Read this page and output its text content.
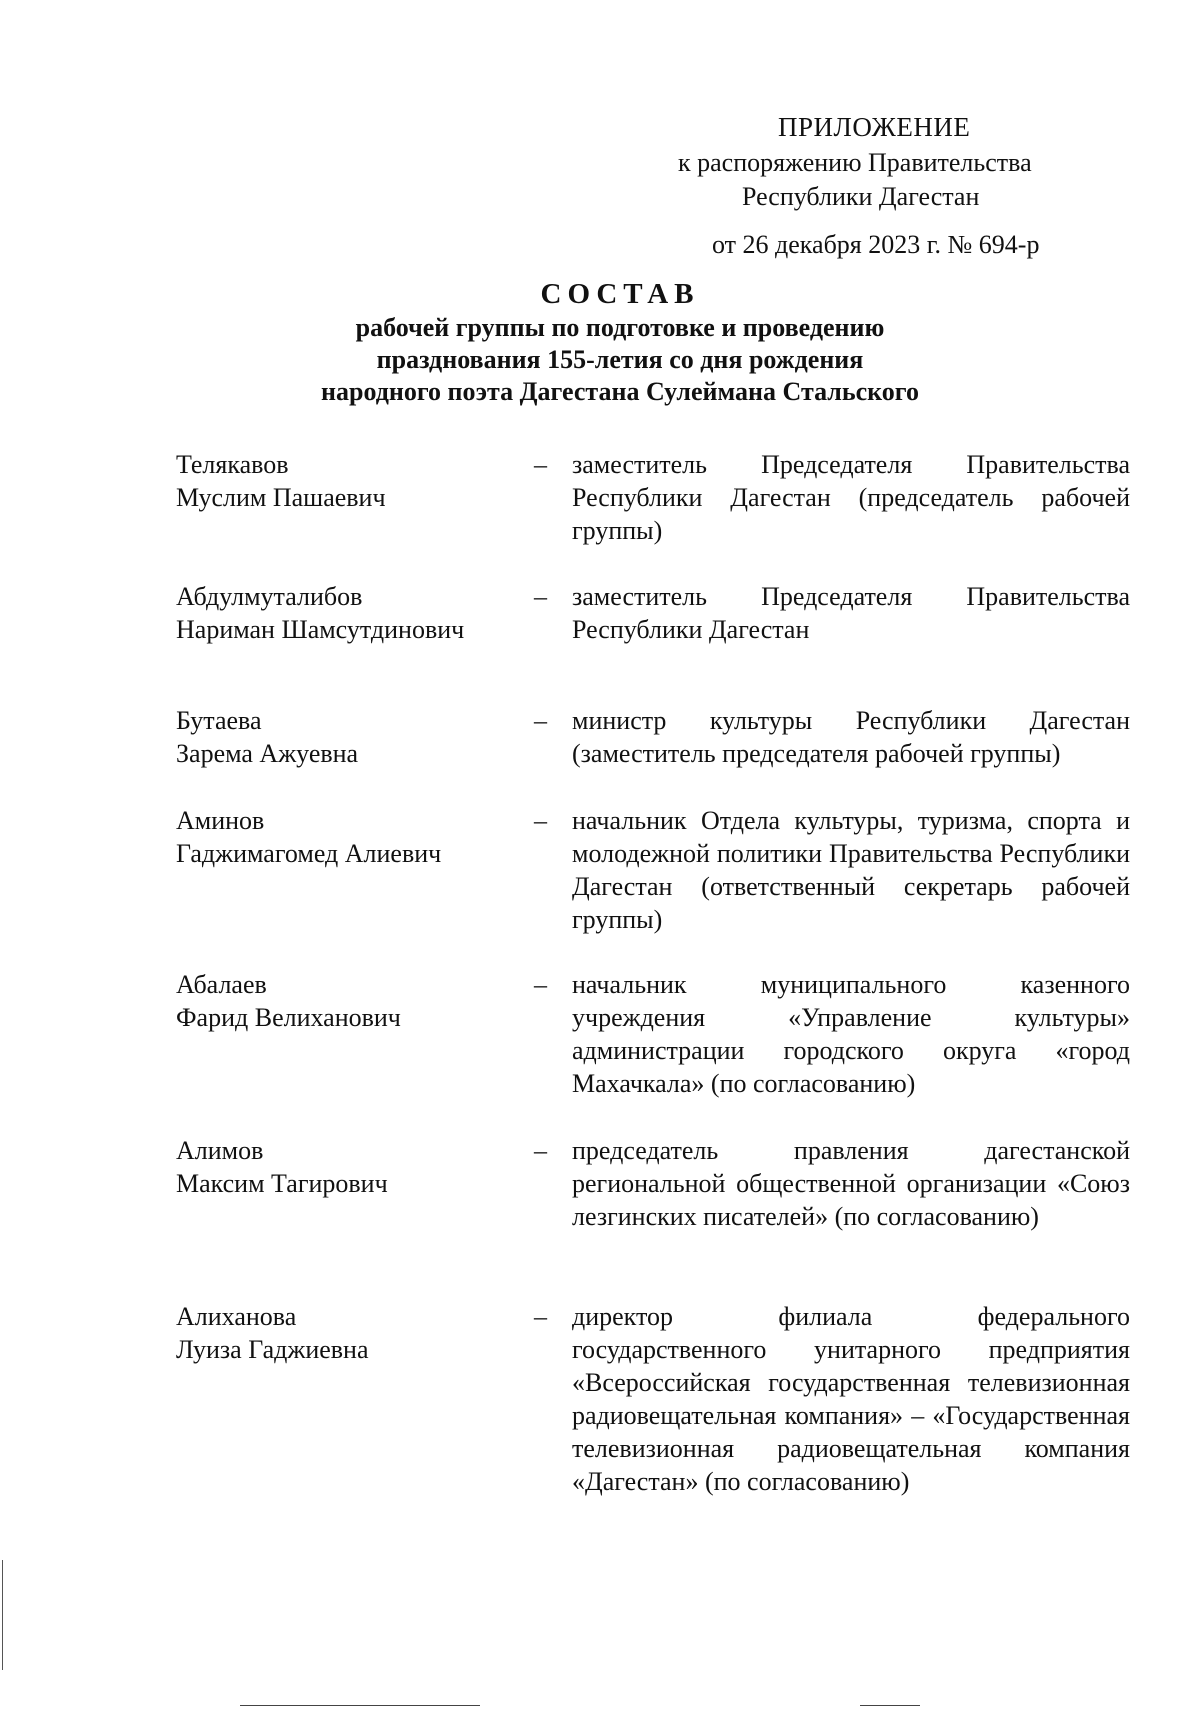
ПРИЛОЖЕНИЕ
к распоряжению Правительства
Республики Дагестан
от 26 декабря 2023 г. № 694-р
СОСТАВ
рабочей группы по подготовке и проведению
празднования 155-летия со дня рождения
народного поэта Дагестана Сулеймана Стальского
Телякавов
Муслим Пашаевич
– заместитель Председателя Правительства Республики Дагестан (председатель рабочей группы)
Абдулмуталибов
Нариман Шамсутдинович
– заместитель Председателя Правительства Республики Дагестан
Бутаева
Зарема Ажуевна
– министр культуры Республики Дагестан (заместитель председателя рабочей группы)
Аминов
Гаджимагомед Алиевич
– начальник Отдела культуры, туризма, спорта и молодежной политики Правительства Республики Дагестан (ответственный секретарь рабочей группы)
Абалаев
Фарид Велиханович
– начальник муниципального казенного учреждения «Управление культуры» администрации городского округа «город Махачкала» (по согласованию)
Алимов
Максим Тагирович
– председатель правления дагестанской региональной общественной организации «Союз лезгинских писателей» (по согласованию)
Алиханова
Луиза Гаджиевна
– директор филиала федерального государственного унитарного предприятия «Всероссийская государственная телевизионная радиовещательная компания» – «Государственная телевизионная радиовещательная компания «Дагестан» (по согласованию)
